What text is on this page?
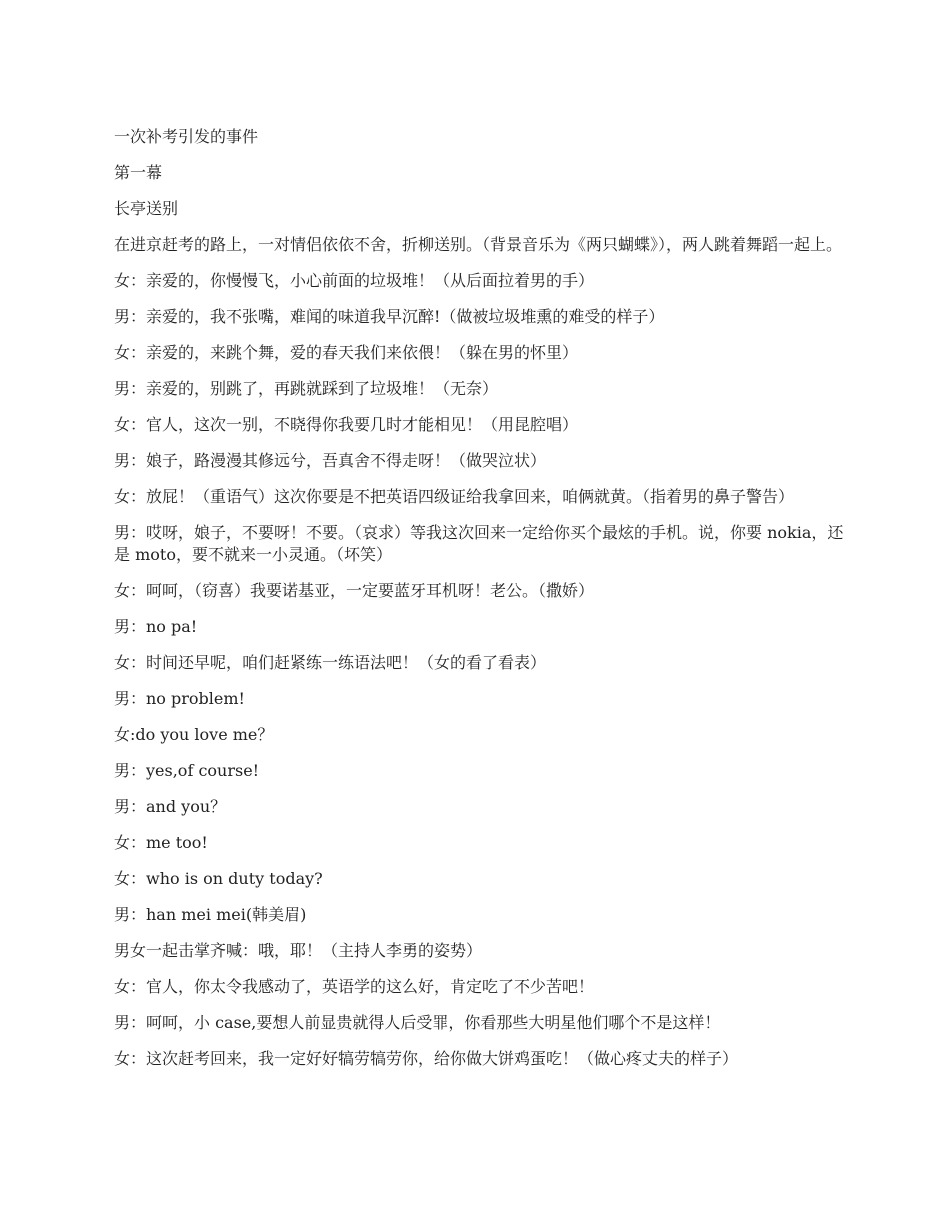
一次补考引发的事件

第一幕

长亭送别

在进京赶考的路上，一对情侣依依不舍，折柳送别。（背景音乐为《两只蝴蝶》），两人跳着舞蹈一起上。

女：亲爱的，你慢慢飞，小心前面的垃圾堆！（从后面拉着男的手）

男：亲爱的，我不张嘴，难闻的味道我早沉醉!（做被垃圾堆熏的难受的样子）

女：亲爱的，来跳个舞，爱的春天我们来依偎！（躲在男的怀里）

男：亲爱的，别跳了，再跳就踩到了垃圾堆！（无奈）

女：官人，这次一别，不晓得你我要几时才能相见！（用昆腔唱）

男：娘子，路漫漫其修远兮，吾真舍不得走呀！（做哭泣状）

女：放屁！（重语气）这次你要是不把英语四级证给我拿回来，咱俩就黄。（指着男的鼻子警告）

男：哎呀，娘子，不要呀！不要。（哀求）等我这次回来一定给你买个最炫的手机。说，你要 nokia，还是 moto，要不就来一小灵通。（坏笑）

女：呵呵，（窃喜）我要诺基亚，一定要蓝牙耳机呀！老公。（撒娇）

男：no pa!

女：时间还早呢，咱们赶紧练一练语法吧！（女的看了看表）

男：no problem!

女:do you love me？

男：yes,of course!

男：and you？

女：me too!

女：who is on duty today?

男：han mei mei(韩美眉)

男女一起击掌齐喊：哦，耶！（主持人李勇的姿势）

女：官人，你太令我感动了，英语学的这么好，肯定吃了不少苦吧！

男：呵呵，小 case,要想人前显贵就得人后受罪，你看那些大明星他们哪个不是这样！

女：这次赶考回来，我一定好好犒劳犒劳你，给你做大饼鸡蛋吃！（做心疼丈夫的样子）
